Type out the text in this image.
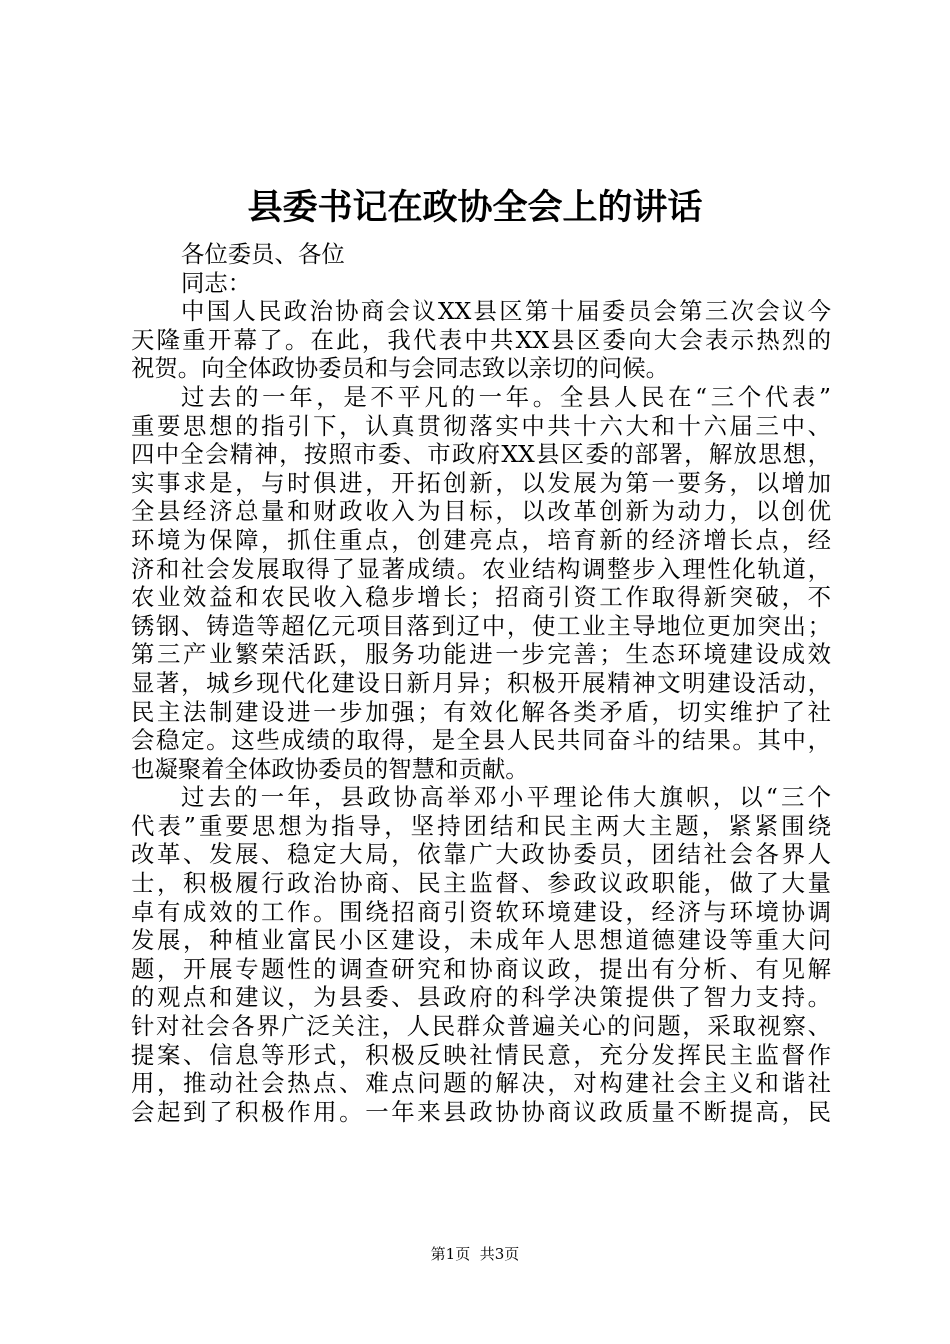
县委书记在政协全会上的讲话
各位委员、各位
同志：
中国人民政治协商会议XX县区第十届委员会第三次会议今
天隆重开幕了。在此，我代表中共XX县区委向大会表示热烈的
祝贺。向全体政协委员和与会同志致以亲切的问候。
过去的一年，是不平凡的一年。全县人民在“三个代表”
重要思想的指引下，认真贯彻落实中共十六大和十六届三中、
四中全会精神，按照市委、市政府XX县区委的部署，解放思想，
实事求是，与时俱进，开拓创新，以发展为第一要务，以增加
全县经济总量和财政收入为目标，以改革创新为动力，以创优
环境为保障，抓住重点，创建亮点，培育新的经济增长点，经
济和社会发展取得了显著成绩。农业结构调整步入理性化轨道，
农业效益和农民收入稳步增长；招商引资工作取得新突破，不
锈钢、铸造等超亿元项目落到辽中，使工业主导地位更加突出；
第三产业繁荣活跃，服务功能进一步完善；生态环境建设成效
显著，城乡现代化建设日新月异；积极开展精神文明建设活动，
民主法制建设进一步加强；有效化解各类矛盾，切实维护了社
会稳定。这些成绩的取得，是全县人民共同奋斗的结果。其中，
也凝聚着全体政协委员的智慧和贡献。
过去的一年，县政协高举邓小平理论伟大旗帜，以“三个
代表”重要思想为指导，坚持团结和民主两大主题，紧紧围绕
改革、发展、稳定大局，依靠广大政协委员，团结社会各界人
士，积极履行政治协商、民主监督、参政议政职能，做了大量
卓有成效的工作。围绕招商引资软环境建设，经济与环境协调
发展，种植业富民小区建设，未成年人思想道德建设等重大问
题，开展专题性的调查研究和协商议政，提出有分析、有见解
的观点和建议，为县委、县政府的科学决策提供了智力支持。
针对社会各界广泛关注，人民群众普遍关心的问题，采取视察、
提案、信息等形式，积极反映社情民意，充分发挥民主监督作
用，推动社会热点、难点问题的解决，对构建社会主义和谐社
会起到了积极作用。一年来县政协协商议政质量不断提高，民
第1页 共3页
